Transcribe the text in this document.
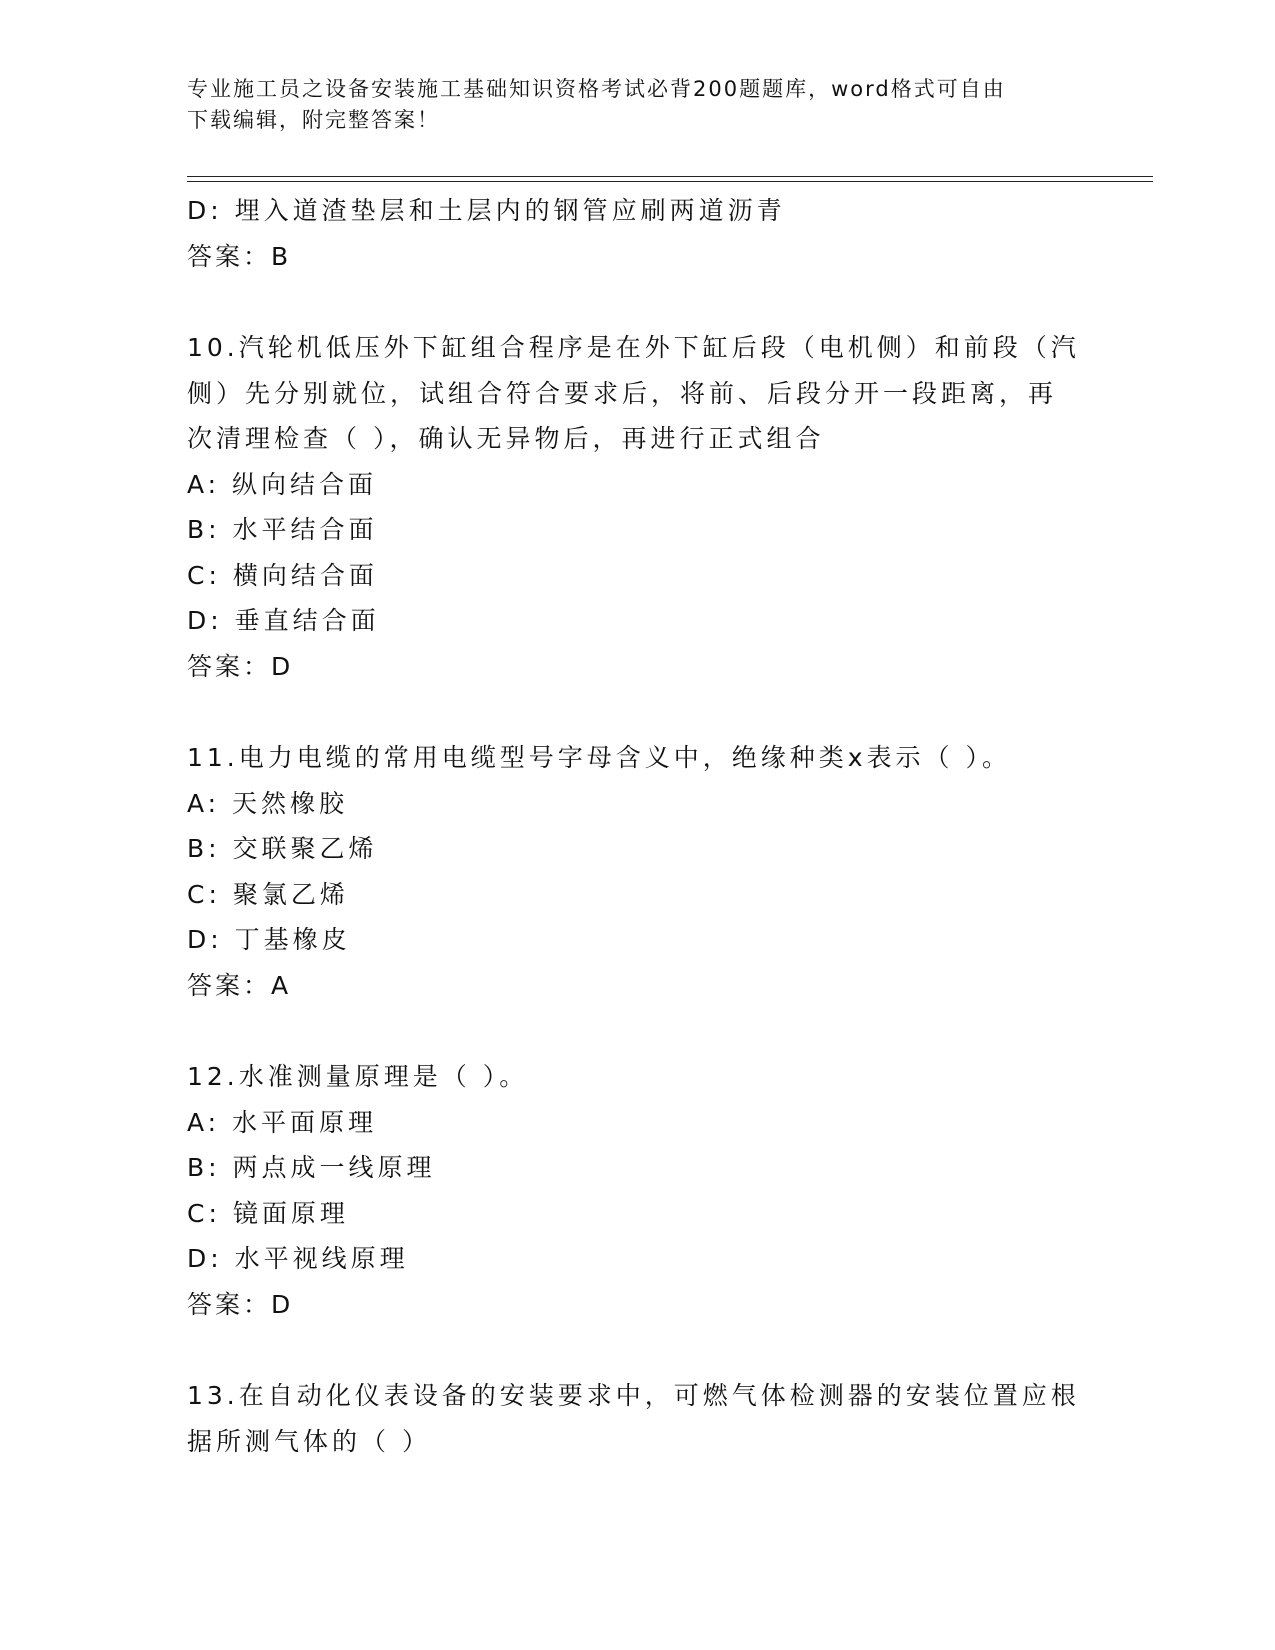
专业施工员之设备安装施工基础知识资格考试必背200题题库，word格式可自由
下载编辑，附完整答案！
D: 埋入道渣垫层和土层内的钢管应刷两道沥青
答案：B
10.汽轮机低压外下缸组合程序是在外下缸后段（电机侧）和前段（汽
侧）先分别就位，试组合符合要求后，将前、后段分开一段距离，再
次清理检查（ ），确认无异物后，再进行正式组合
A: 纵向结合面
B: 水平结合面
C: 横向结合面
D: 垂直结合面
答案：D
11.电力电缆的常用电缆型号字母含义中，绝缘种类x表示（ ）。
A: 天然橡胶
B: 交联聚乙烯
C: 聚氯乙烯
D: 丁基橡皮
答案：A
12.水准测量原理是（ ）。
A: 水平面原理
B: 两点成一线原理
C: 镜面原理
D: 水平视线原理
答案：D
13.在自动化仪表设备的安装要求中，可燃气体检测器的安装位置应根
据所测气体的（ ）
